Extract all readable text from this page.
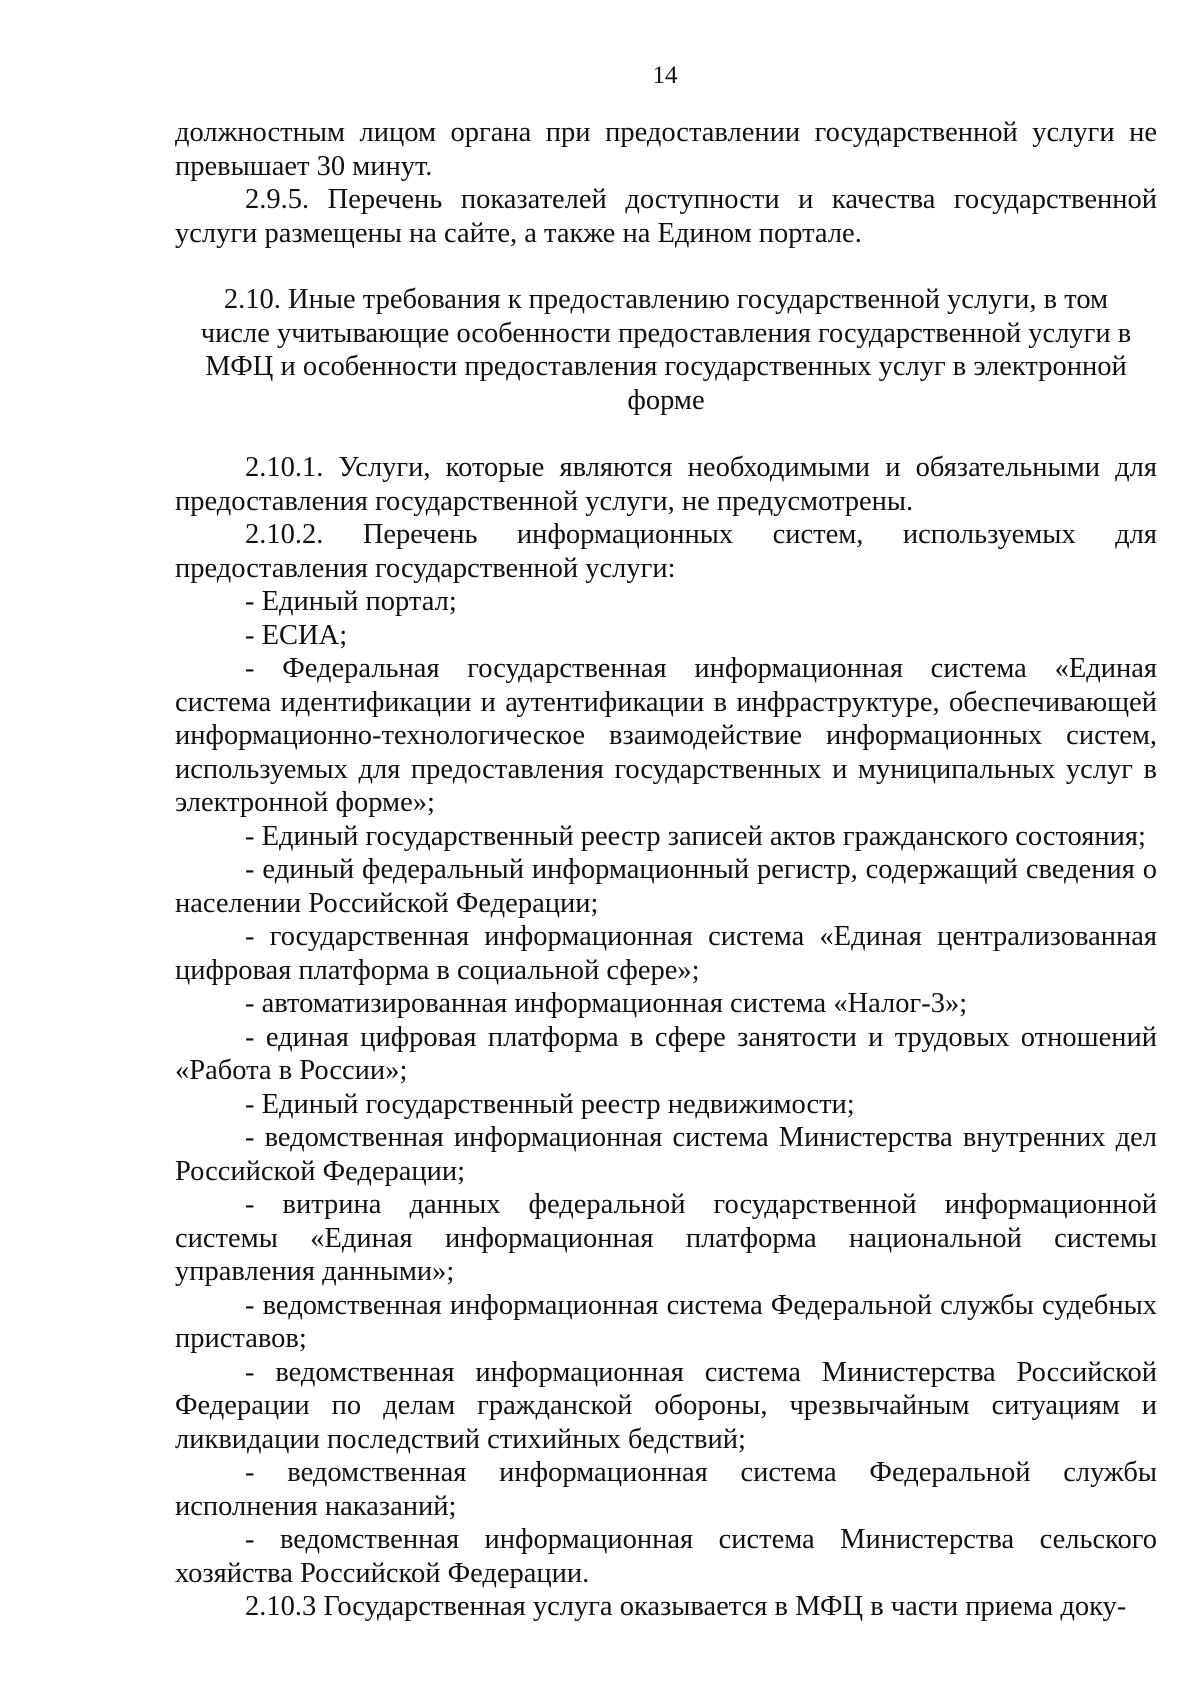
14

должностным лицом органа при предоставлении государственной услуги не превышает 30 минут.

2.9.5. Перечень показателей доступности и качества государственной услуги размещены на сайте, а также на Едином портале.

2.10. Иные требования к предоставлению государственной услуги, в том числе учитывающие особенности предоставления государственной услуги в МФЦ и особенности предоставления государственных услуг в электронной форме

2.10.1. Услуги, которые являются необходимыми и обязательными для предоставления государственной услуги, не предусмотрены.

2.10.2. Перечень информационных систем, используемых для предоставления государственной услуги:

- Единый портал;

- ЕСИА;

- Федеральная государственная информационная система «Единая система идентификации и аутентификации в инфраструктуре, обеспечивающей информационно-технологическое взаимодействие информационных систем, используемых для предоставления государственных и муниципальных услуг в электронной форме»;

- Единый государственный реестр записей актов гражданского состояния;

- единый федеральный информационный регистр, содержащий сведения о населении Российской Федерации;

- государственная информационная система «Единая централизованная цифровая платформа в социальной сфере»;

- автоматизированная информационная система «Налог-3»;

- единая цифровая платформа в сфере занятости и трудовых отношений «Работа в России»;

- Единый государственный реестр недвижимости;

- ведомственная информационная система Министерства внутренних дел Российской Федерации;

- витрина данных федеральной государственной информационной системы «Единая информационная платформа национальной системы управления данными»;

- ведомственная информационная система Федеральной службы судебных приставов;

- ведомственная информационная система Министерства Российской Федерации по делам гражданской обороны, чрезвычайным ситуациям и ликвидации последствий стихийных бедствий;

- ведомственная информационная система Федеральной службы исполнения наказаний;

- ведомственная информационная система Министерства сельского хозяйства Российской Федерации.

2.10.3 Государственная услуга оказывается в МФЦ в части приема доку-
